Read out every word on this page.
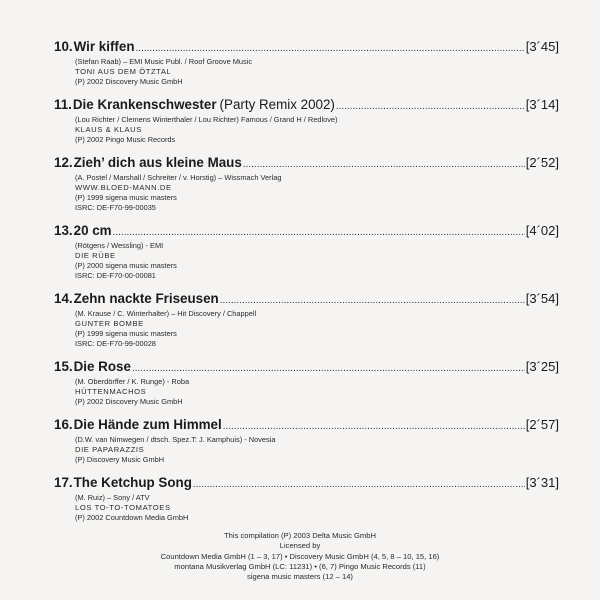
10. Wir kiffen .....	[3´45]
(Stefan Raab) – EMI Music Publ. / Roof Groove Music
TONI AUS DEM ÖTZTAL
(P) 2002 Discovery Music GmbH
11. Die Krankenschwester (Party Remix 2002) .....	[3´14]
(Lou Richter / Clemens Winterthaler / Lou Richter) Famous / Grand H / Redlove)
KLAUS & KLAUS
(P) 2002 Pingo Music Records
12. Zieh’ dich aus kleine Maus .....	[2´52]
(A. Postel / Marshall / Schreiter / v. Horstig) – Wissmach Verlag
WWW.BLOED-MANN.DE
(P) 1999 sigena music masters
ISRC: DE-F70-99-00035
13. 20 cm .....	[4´02]
(Rötgens / Wessling) - EMI
DIE RÜBE
(P) 2000 sigena music masters
ISRC: DE-F70-00-00081
14. Zehn nackte Friseusen .....	[3´54]
(M. Krause / C. Winterhalter) – Hit Discovery / Chappell
GUNTER BOMBE
(P) 1999 sigena music masters
ISRC: DE-F70-99-00028
15. Die Rose .....	[3´25]
(M. Oberdörffer / K. Runge) - Roba
HÜTTENMACHOS
(P) 2002 Discovery Music GmbH
16. Die Hände zum Himmel .....	[2´57]
(D.W. van Nimwegen / dtsch. Spez.T: J. Kamphuis) - Novesia
DIE PAPARAZZIS
(P) Discovery Music GmbH
17. The Ketchup Song .....	[3´31]
(M. Ruiz) – Sony / ATV
LOS TO-TO-TOMATOES
(P) 2002 Countdown Media GmbH
This compilation (P) 2003 Delta Music GmbH
Licensed by
Countdown Media GmbH (1 – 3, 17) • Discovery Music GmbH (4, 5, 8 – 10, 15, 16)
montana Musikverlag GmbH (LC: 11231) • (6, 7) Pingo Music Records (11)
sigena music masters (12 – 14)
